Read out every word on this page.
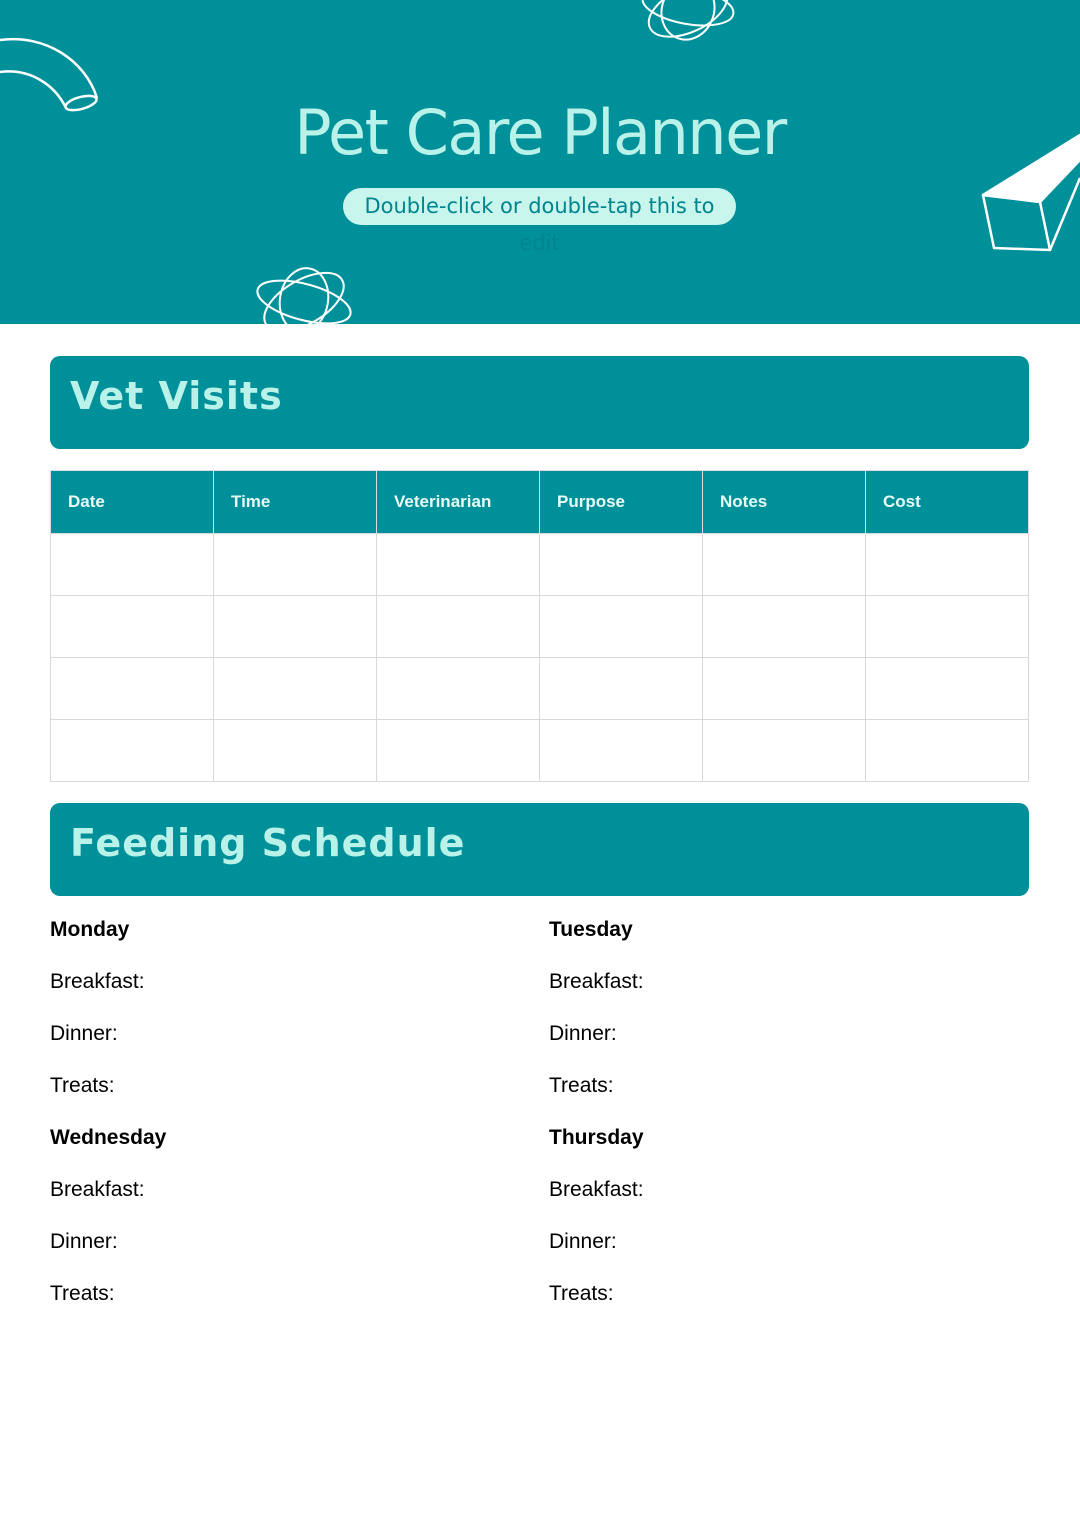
Pet Care Planner
Double-click or double-tap this to edit
Vet Visits
Date	Time	Veterinarian	Purpose	Notes	Cost

Feeding Schedule
Monday
Breakfast:
Dinner:
Treats:
Tuesday
Breakfast:
Dinner:
Treats:
Wednesday
Breakfast:
Dinner:
Treats:
Thursday
Breakfast:
Dinner:
Treats:
